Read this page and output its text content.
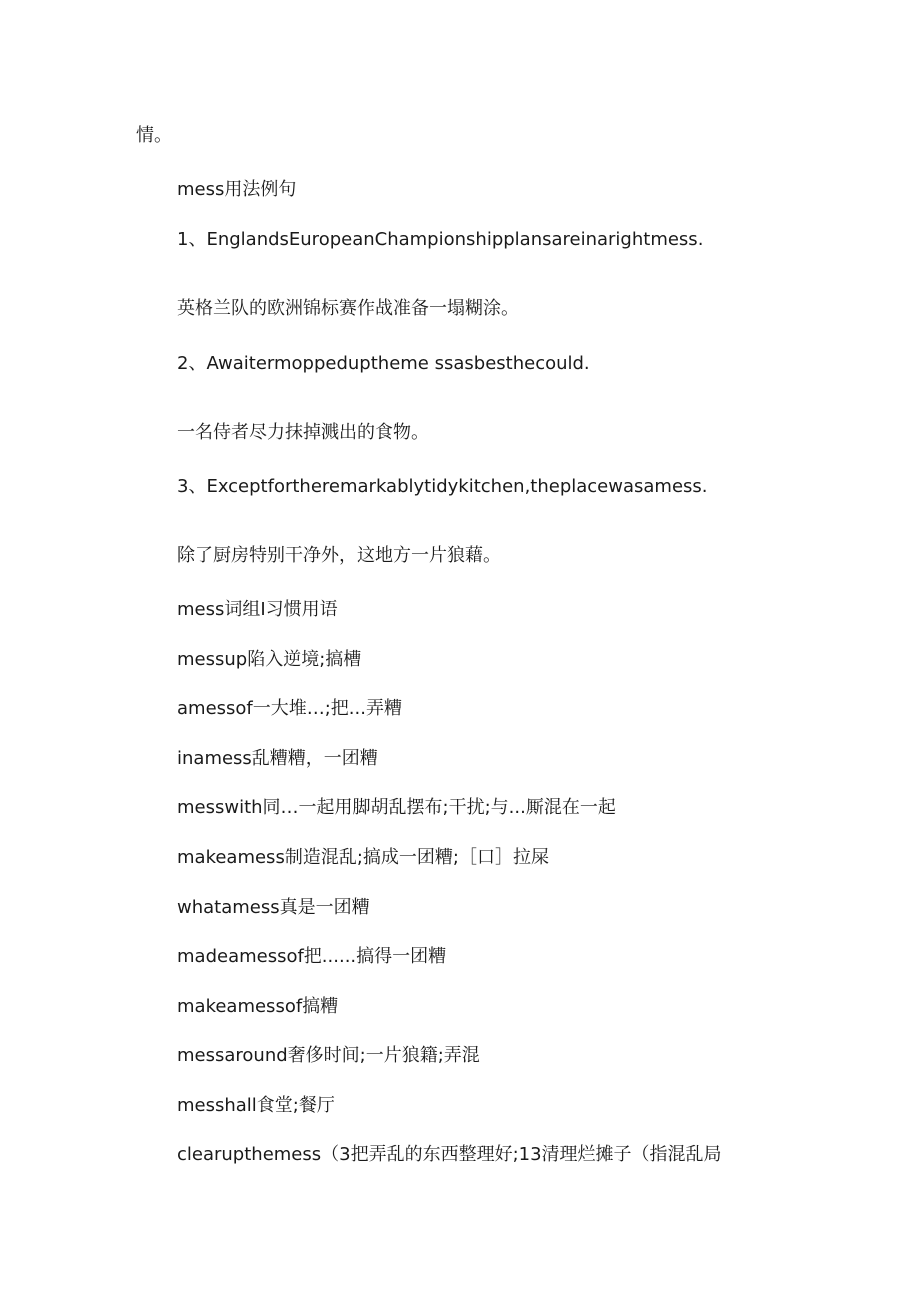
情。
mess用法例句
1、EnglandsEuropeanChampionshipplansareinarightmess.
英格兰队的欧洲锦标赛作战准备一塌糊涂。
2、Awaitermoppeduptheme ssasbesthecould.
一名侍者尽力抹掉溅出的食物。
3、Exceptfortheremarkablytidykitchen,theplacewasamess.
除了厨房特别干净外，这地方一片狼藉。
mess词组I习惯用语
messup陷入逆境;搞槽
amessof一大堆…;把...弄糟
inamess乱糟糟，一团糟
messwith同…一起用脚胡乱摆布;干扰;与...厮混在一起
makeamess制造混乱;搞成一团糟;［口］拉屎
whatamess真是一团糟
madeamessof把......搞得一团糟
makeamessof搞糟
messaround奢侈时间;一片狼籍;弄混
messhall食堂;餐厅
clearupthemess（3把弄乱的东西整理好;13清理烂摊子（指混乱局
